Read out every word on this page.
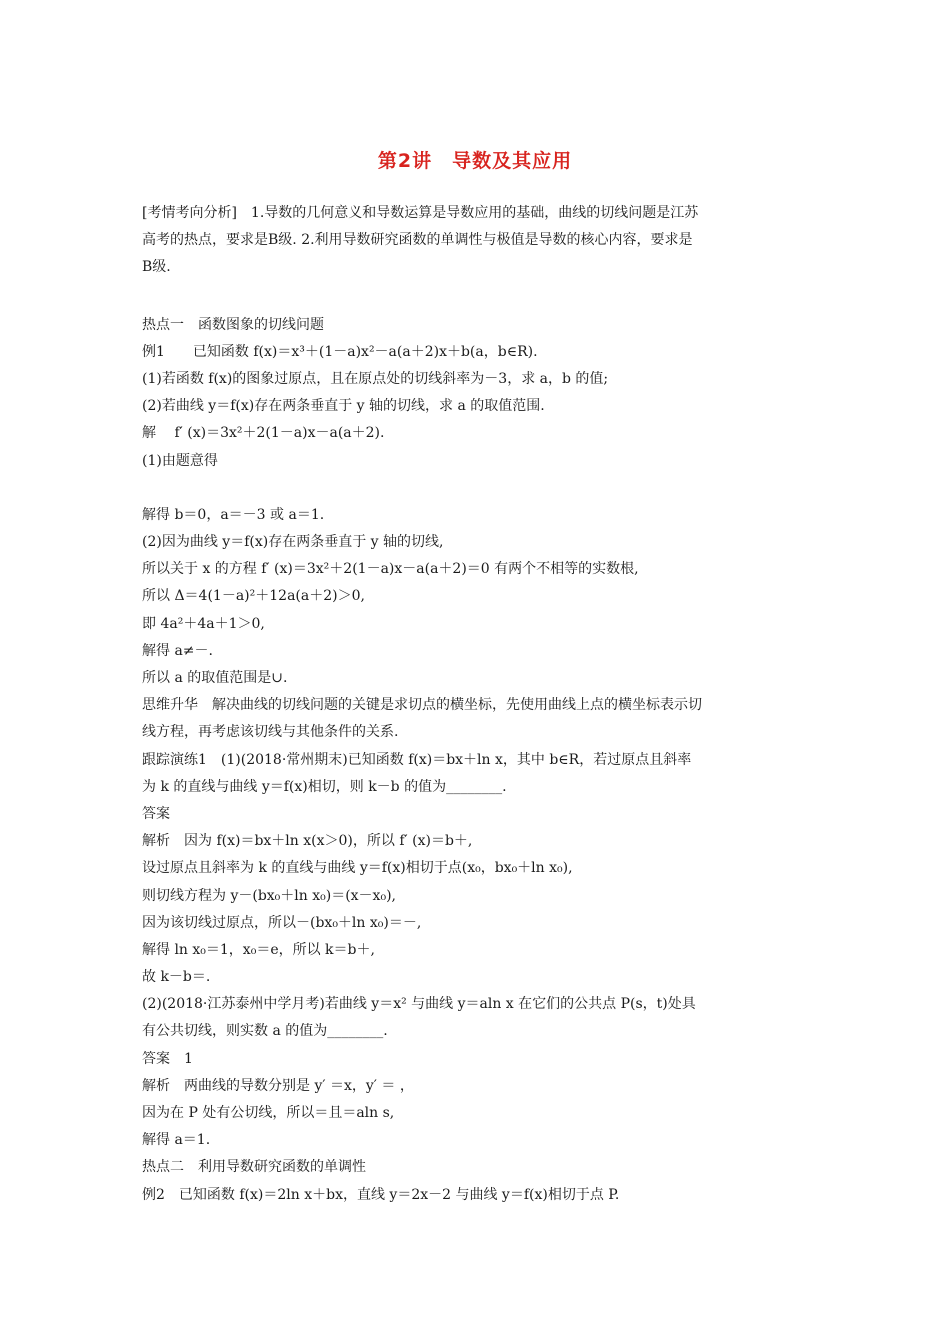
第2讲　导数及其应用
[考情考向分析]　1.导数的几何意义和导数运算是导数应用的基础，曲线的切线问题是江苏
高考的热点，要求是B级. 2.利用导数研究函数的单调性与极值是导数的核心内容，要求是
B级.
热点一　函数图象的切线问题
例1　　已知函数 f(x)＝x³＋(1－a)x²－a(a＋2)x＋b(a，b∈R).
(1)若函数 f(x)的图象过原点，且在原点处的切线斜率为－3，求 a，b 的值;
(2)若曲线 y＝f(x)存在两条垂直于 y 轴的切线，求 a 的取值范围.
解　 f′ (x)＝3x²＋2(1－a)x－a(a＋2).
(1)由题意得
解得 b＝0，a＝－3 或 a＝1.
(2)因为曲线 y＝f(x)存在两条垂直于 y 轴的切线,
所以关于 x 的方程 f′ (x)＝3x²＋2(1－a)x－a(a＋2)＝0 有两个不相等的实数根,
所以 Δ＝4(1－a)²＋12a(a＋2)＞0,
即 4a²＋4a＋1＞0,
解得 a≠－.
所以 a 的取值范围是∪.
思维升华　解决曲线的切线问题的关键是求切点的横坐标，先使用曲线上点的横坐标表示切
线方程，再考虑该切线与其他条件的关系.
跟踪演练1　(1)(2018·常州期末)已知函数 f(x)＝bx＋ln x，其中 b∈R，若过原点且斜率
为 k 的直线与曲线 y＝f(x)相切，则 k－b 的值为________.
答案
解析　因为 f(x)＝bx＋ln x(x＞0)，所以 f′ (x)＝b＋,
设过原点且斜率为 k 的直线与曲线 y＝f(x)相切于点(x₀，bx₀＋ln x₀),
则切线方程为 y－(bx₀＋ln x₀)＝(x－x₀),
因为该切线过原点，所以－(bx₀＋ln x₀)＝－,
解得 ln x₀＝1，x₀＝e，所以 k＝b＋,
故 k－b＝.
(2)(2018·江苏泰州中学月考)若曲线 y＝x² 与曲线 y＝aln x 在它们的公共点 P(s，t)处具
有公共切线，则实数 a 的值为________.
答案　1
解析　两曲线的导数分别是 y′ ＝x，y′ ＝ ，
因为在 P 处有公切线，所以＝且＝aln s,
解得 a＝1.
热点二　利用导数研究函数的单调性
例2　已知函数 f(x)＝2ln x＋bx，直线 y＝2x－2 与曲线 y＝f(x)相切于点 P.
